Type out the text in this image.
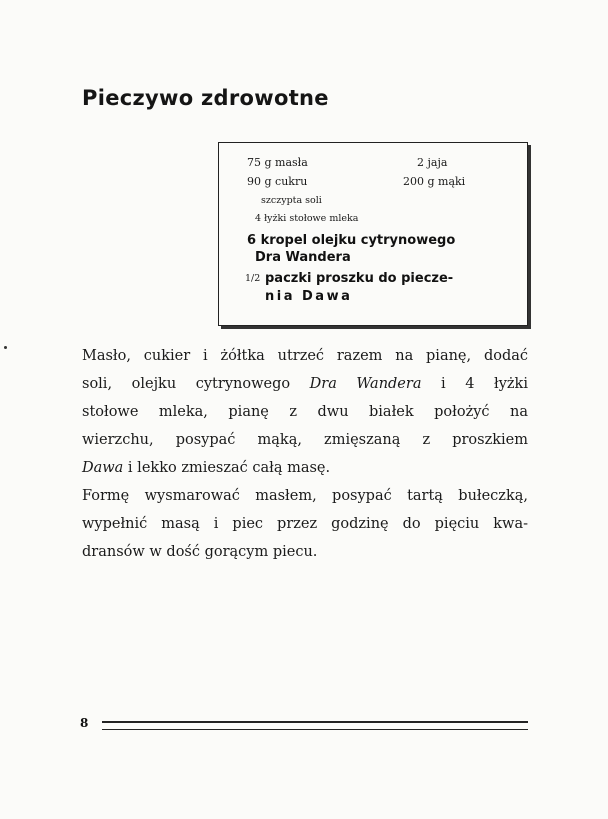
Pieczywo zdrowotne
75 g masła	2 jaja
90 g cukru	200 g mąki
szczypta soli
4 łyżki stołowe mleka
6 kropel olejku cytrynowego
Dra Wandera
1/2 paczki proszku do piecze-
nia Dawa
Masło, cukier i żółtka utrzeć razem na pianę, dodać
soli, olejku cytrynowego Dra Wandera i 4 łyżki
stołowe mleka, pianę z dwu białek położyć na
wierzchu, posypać mąką, zmięszaną z proszkiem
Dawa i lekko zmieszać całą masę.
Formę wysmarować masłem, posypać tartą bułeczką,
wypełnić masą i piec przez godzinę do pięciu kwa-
dransów w dość gorącym piecu.
8
